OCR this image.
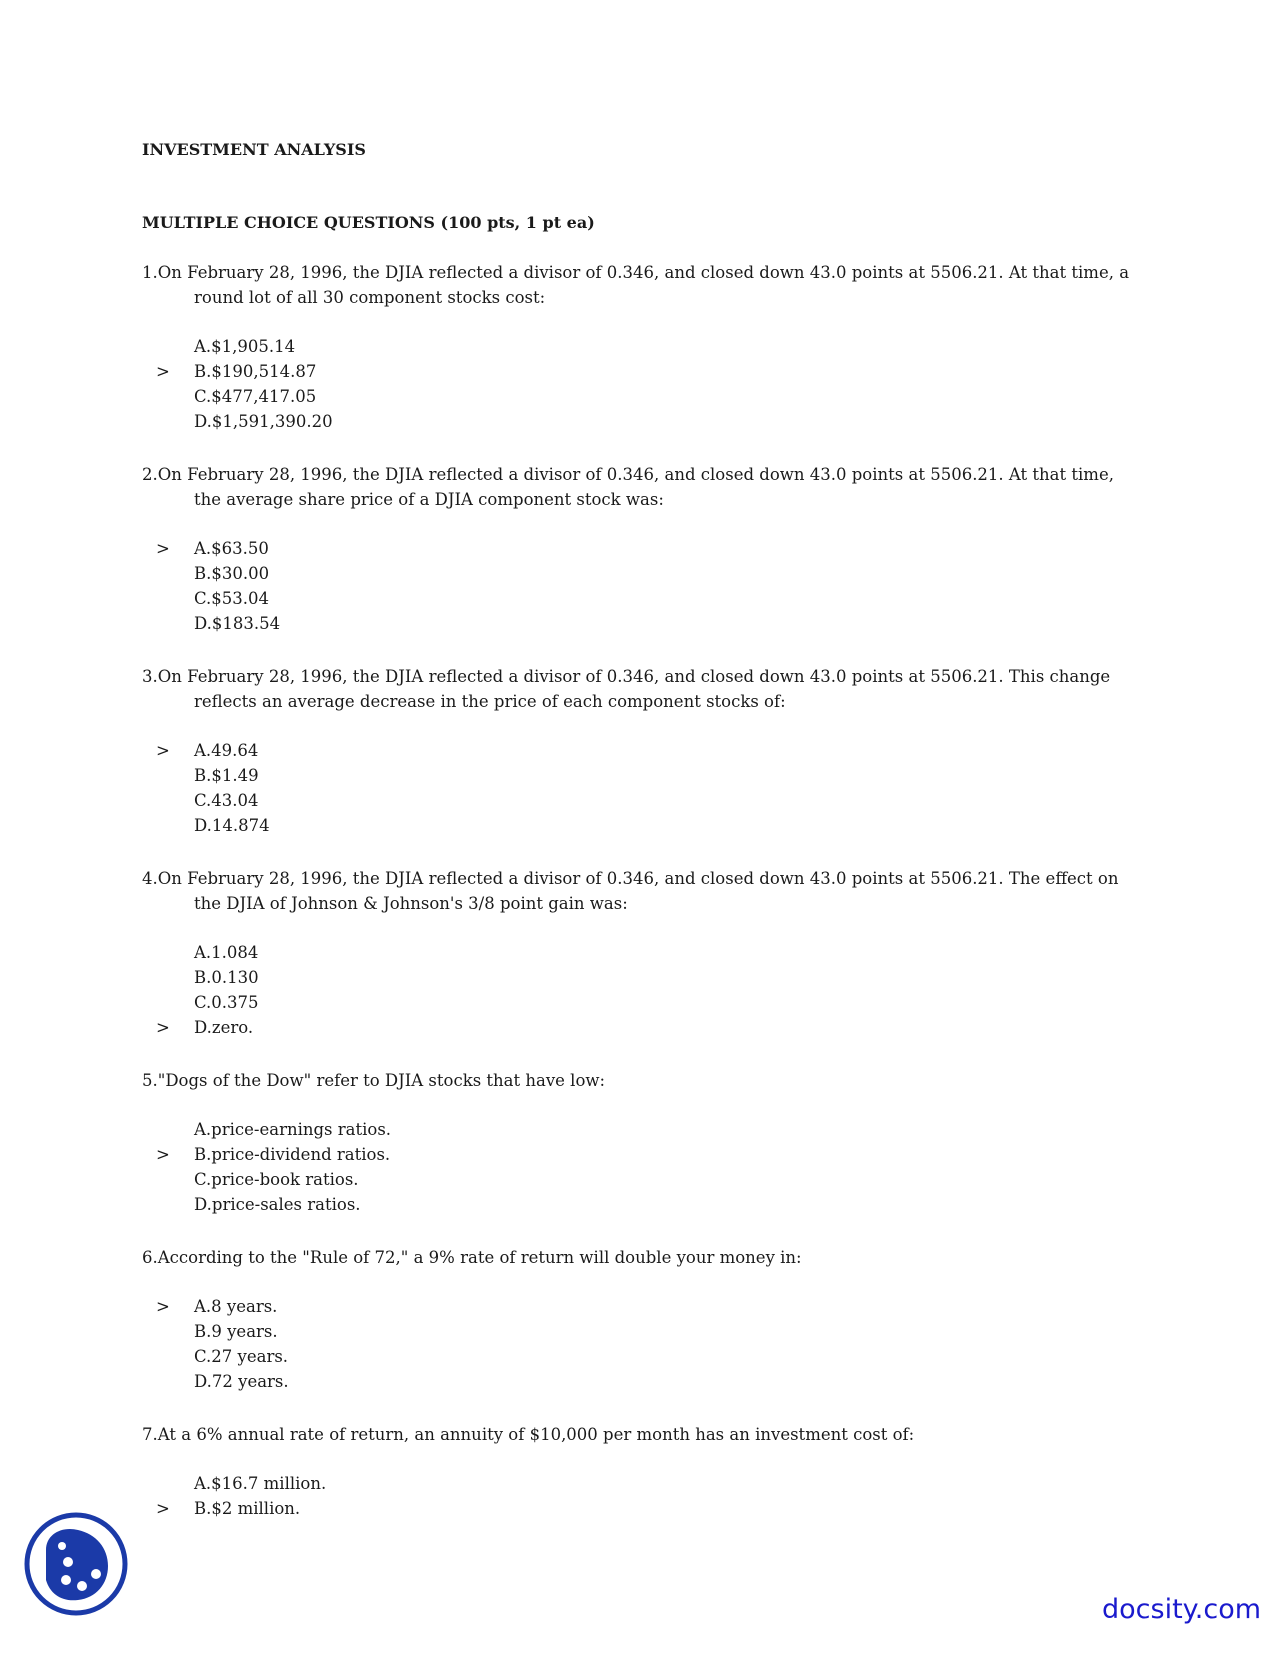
INVESTMENT ANALYSIS

MULTIPLE CHOICE QUESTIONS (100 pts, 1 pt ea)

1.On February 28, 1996, the DJIA reflected a divisor of 0.346, and closed down 43.0 points at 5506.21. At that time, a round lot of all 30 component stocks cost:
A.$1,905.14
>	B.$190,514.87
C.$477,417.05
D.$1,591,390.20
2.On February 28, 1996, the DJIA reflected a divisor of 0.346, and closed down 43.0 points at 5506.21. At that time, the average share price of a DJIA component stock was:
>	A.$63.50
B.$30.00
C.$53.04
D.$183.54
3.On February 28, 1996, the DJIA reflected a divisor of 0.346, and closed down 43.0 points at 5506.21. This change reflects an average decrease in the price of each component stocks of:
>	A.49.64
B.$1.49
C.43.04
D.14.874
4.On February 28, 1996, the DJIA reflected a divisor of 0.346, and closed down 43.0 points at 5506.21. The effect on the DJIA of Johnson & Johnson's 3/8 point gain was:
A.1.084
B.0.130
C.0.375
>	D.zero.
5."Dogs of the Dow" refer to DJIA stocks that have low:
A.price-earnings ratios.
>	B.price-dividend ratios.
C.price-book ratios.
D.price-sales ratios.
6.According to the "Rule of 72," a 9% rate of return will double your money in:
>	A.8 years.
B.9 years.
C.27 years.
D.72 years.
7.At a 6% annual rate of return, an annuity of $10,000 per month has an investment cost of:
A.$16.7 million.
>	B.$2 million.
docsity.com
